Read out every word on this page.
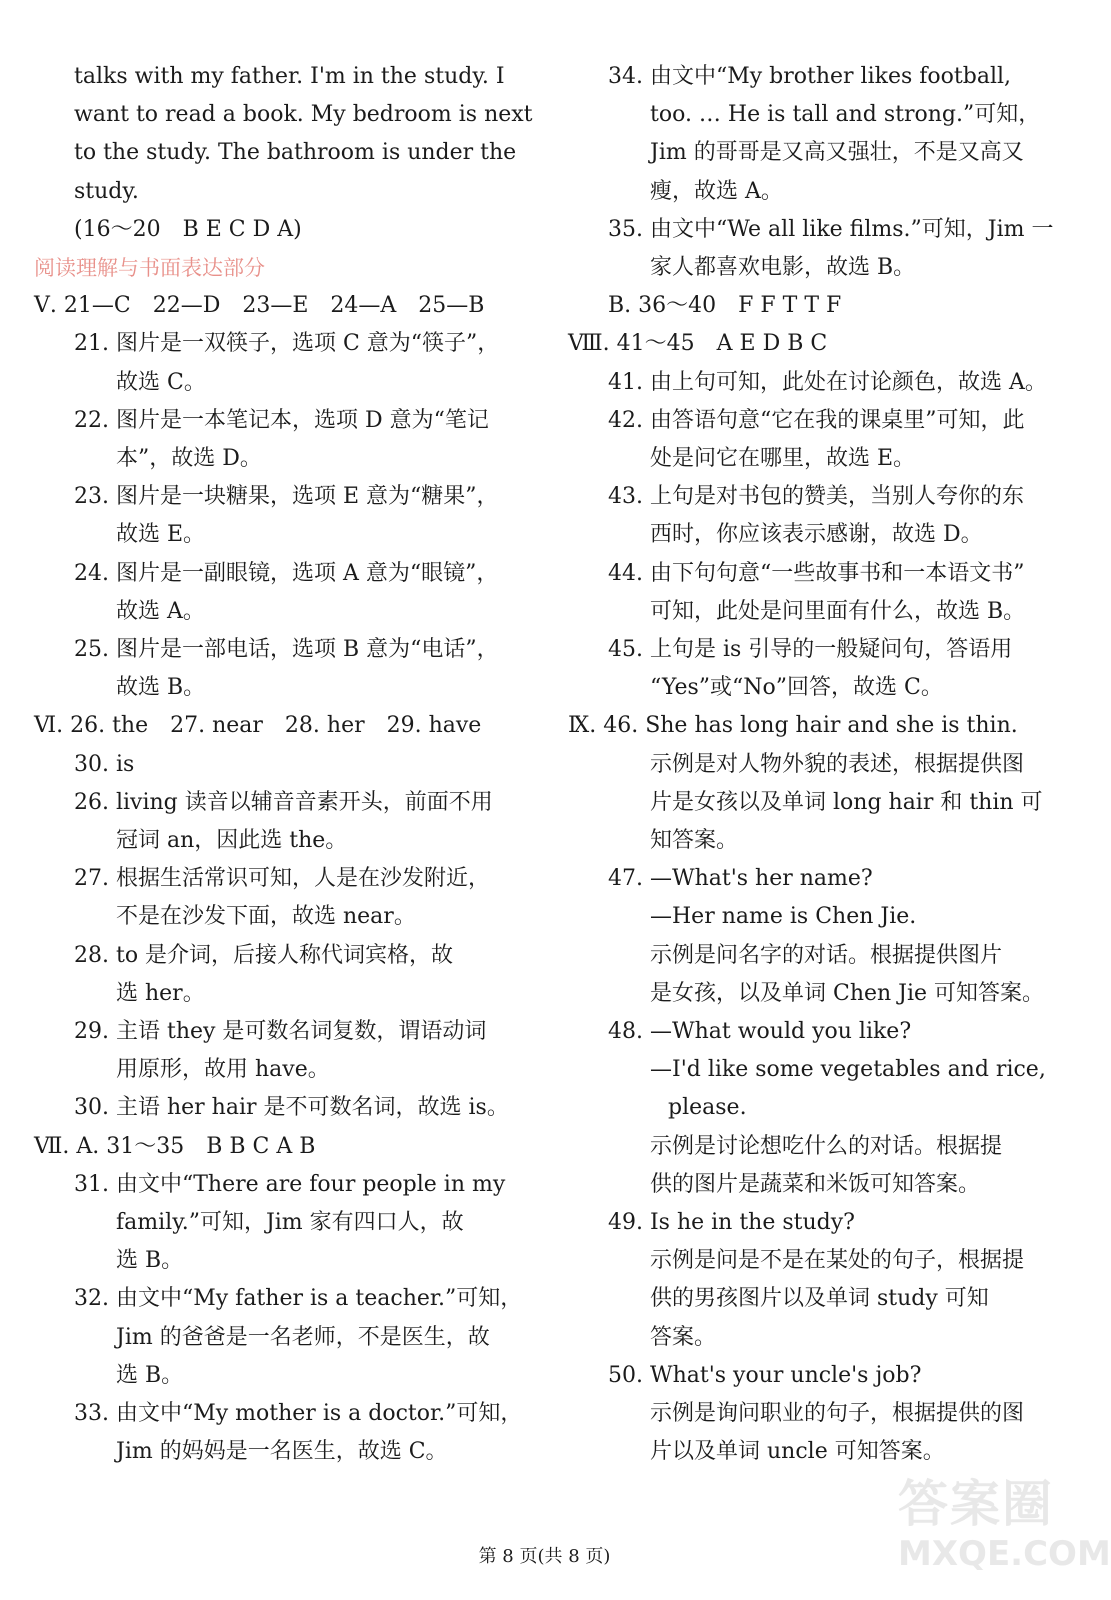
talks with my father. I'm in the study. I
want to read a book. My bedroom is next
to the study. The bathroom is under the
study.
(16～20　B E C D A)
阅读理解与书面表达部分
Ⅴ. 21—C　22—D　23—E　24—A　25—B
21. 图片是一双筷子，选项 C 意为“筷子”，
故选 C。
22. 图片是一本笔记本，选项 D 意为“笔记
本”，故选 D。
23. 图片是一块糖果，选项 E 意为“糖果”，
故选 E。
24. 图片是一副眼镜，选项 A 意为“眼镜”，
故选 A。
25. 图片是一部电话，选项 B 意为“电话”，
故选 B。
Ⅵ. 26. the　27. near　28. her　29. have
30. is
26. living 读音以辅音音素开头，前面不用
冠词 an，因此选 the。
27. 根据生活常识可知，人是在沙发附近，
不是在沙发下面，故选 near。
28. to 是介词，后接人称代词宾格，故
选 her。
29. 主语 they 是可数名词复数，谓语动词
用原形，故用 have。
30. 主语 her hair 是不可数名词，故选 is。
Ⅶ. A. 31～35　B B C A B
31. 由文中“There are four people in my
family.”可知，Jim 家有四口人，故
选 B。
32. 由文中“My father is a teacher.”可知，
Jim 的爸爸是一名老师，不是医生，故
选 B。
33. 由文中“My mother is a doctor.”可知，
Jim 的妈妈是一名医生，故选 C。
34. 由文中“My brother likes football,
too. … He is tall and strong.”可知，
Jim 的哥哥是又高又强壮，不是又高又
瘦，故选 A。
35. 由文中“We all like films.”可知，Jim 一
家人都喜欢电影，故选 B。
B. 36～40　F F T T F
Ⅷ. 41～45　A E D B C
41. 由上句可知，此处在讨论颜色，故选 A。
42. 由答语句意“它在我的课桌里”可知，此
处是问它在哪里，故选 E。
43. 上句是对书包的赞美，当别人夸你的东
西时，你应该表示感谢，故选 D。
44. 由下句句意“一些故事书和一本语文书”
可知，此处是问里面有什么，故选 B。
45. 上句是 is 引导的一般疑问句，答语用
“Yes”或“No”回答，故选 C。
Ⅸ. 46. She has long hair and she is thin.
示例是对人物外貌的表述，根据提供图
片是女孩以及单词 long hair 和 thin 可
知答案。
47. —What's her name?
—Her name is Chen Jie.
示例是问名字的对话。根据提供图片
是女孩，以及单词 Chen Jie 可知答案。
48. —What would you like?
—I'd like some vegetables and rice,
please.
示例是讨论想吃什么的对话。根据提
供的图片是蔬菜和米饭可知答案。
49. Is he in the study?
示例是问是不是在某处的句子，根据提
供的男孩图片以及单词 study 可知
答案。
50. What's your uncle's job?
示例是询问职业的句子，根据提供的图
片以及单词 uncle 可知答案。
第 8 页(共 8 页)
答案圈
MXQE.COM
